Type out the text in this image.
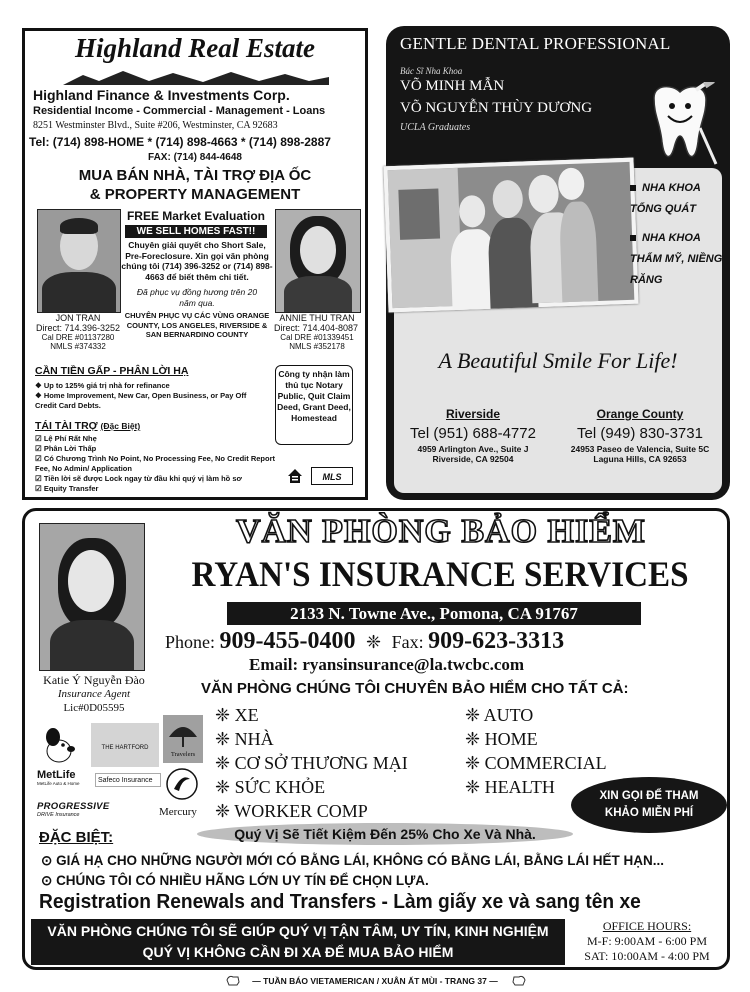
Highland Real Estate
Highland Finance & Investments Corp.
Residential Income - Commercial - Management - Loans
8251 Westminster Blvd., Suite #206, Westminster, CA 92683
Tel: (714) 898-HOME * (714) 898-4663 * (714) 898-2887
FAX: (714) 844-4648
MUA BÁN NHÀ, TÀI TRỢ ĐỊA ỐC
& PROPERTY MANAGEMENT
JON TRAN
Direct: 714.396-3252
Cal DRE #01137280
NMLS #374332
FREE Market Evaluation
WE SELL HOMES FAST!!
Chuyên giải quyết cho Short Sale, Pre-Foreclosure. Xin gọi văn phòng chúng tôi (714) 396-3252 or (714) 898-4663 để biết thêm chi tiết.
Đã phục vụ đồng hương trên 20 năm qua.
CHUYÊN PHỤC VỤ CÁC VÙNG ORANGE COUNTY, LOS ANGELES, RIVERSIDE & SAN BERNARDINO COUNTY
ANNIE THU TRAN
Direct: 714.404-8087
Cal DRE #01339451
NMLS #352178
CẦN TIỀN GẤP - PHÂN LỜI HẠ
❖ Up to 125% giá trị nhà for refinance
❖ Home Improvement, New Car, Open Business, or Pay Off Credit Card Debts.
TÁI TÀI TRỢ (Đặc Biệt)
☑ Lệ Phí Rất Nhẹ
☑ Phân Lời Thấp
☑ Có Chương Trình No Point, No Processing Fee, No Credit Report Fee, No Admin/ Application
☑ Tiền lời sẽ được Lock ngay từ đầu khi quý vị làm hồ sơ
☑ Equity Transfer
Công ty nhận làm thủ tục Notary Public, Quit Claim Deed, Grant Deed, Homestead
MLS
GENTLE DENTAL PROFESSIONAL
Bác Sĩ Nha Khoa
VÕ MINH MẪN
VÕ NGUYỄN THÙY DƯƠNG
UCLA Graduates
NHA KHOA TỔNG QUÁT
NHA KHOA THẨM MỸ, NIỀNG RĂNG
A Beautiful Smile For Life!
Riverside
Tel (951) 688-4772
4959 Arlington Ave., Suite J
Riverside, CA 92504
Orange County
Tel (949) 830-3731
24953 Paseo de Valencia, Suite 5C
Laguna Hills, CA 92653
Katie Ý Nguyễn Đào
Insurance Agent
Lic#0D05595
VĂN PHÒNG BẢO HIỂM
RYAN'S INSURANCE SERVICES
2133 N. Towne Ave., Pomona, CA 91767
Phone: 909-455-0400 ❈ Fax: 909-623-3313
Email: ryansinsurance@la.twcbc.com
VĂN PHÒNG CHÚNG TÔI CHUYÊN BẢO HIỂM CHO TẤT CẢ:
❈ XE
❈ NHÀ
❈ CƠ SỞ THƯƠNG MẠI
❈ SỨC KHỎE
❈ WORKER COMP
❈ AUTO
❈ HOME
❈ COMMERCIAL
❈ HEALTH	XIN GỌI ĐỂ THAM KHẢO MIỄN PHÍ
THE HARTFORD
Travelers
MetLife
MetLife Auto & Home	Safeco Insurance
Mercury
PROGRESSIVE
DRIVE Insurance
Quý Vị Sẽ Tiết Kiệm Đến 25% Cho Xe Và Nhà.
ĐẶC BIỆT:
⊙ GIÁ HẠ CHO NHỮNG NGƯỜI MỚI CÓ BẰNG LÁI, KHÔNG CÓ BẰNG LÁI, BẰNG LÁI HẾT HẠN...
⊙ CHÚNG TÔI CÓ NHIỀU HÃNG LỚN UY TÍN ĐỂ CHỌN LỰA.
Registration Renewals and Transfers - Làm giấy xe và sang tên xe
VĂN PHÒNG CHÚNG TÔI SẼ GIÚP QUÝ VỊ TẬN TÂM, UY TÍN, KINH NGHIỆM
QUÝ VỊ KHÔNG CẦN ĐI XA ĐỂ MUA BẢO HIỂM
OFFICE HOURS:
M-F: 9:00AM - 6:00 PM
SAT: 10:00AM - 4:00 PM
— TUẦN BÁO VIETAMERICAN / XUÂN ẤT MÙI - TRANG 37 —
